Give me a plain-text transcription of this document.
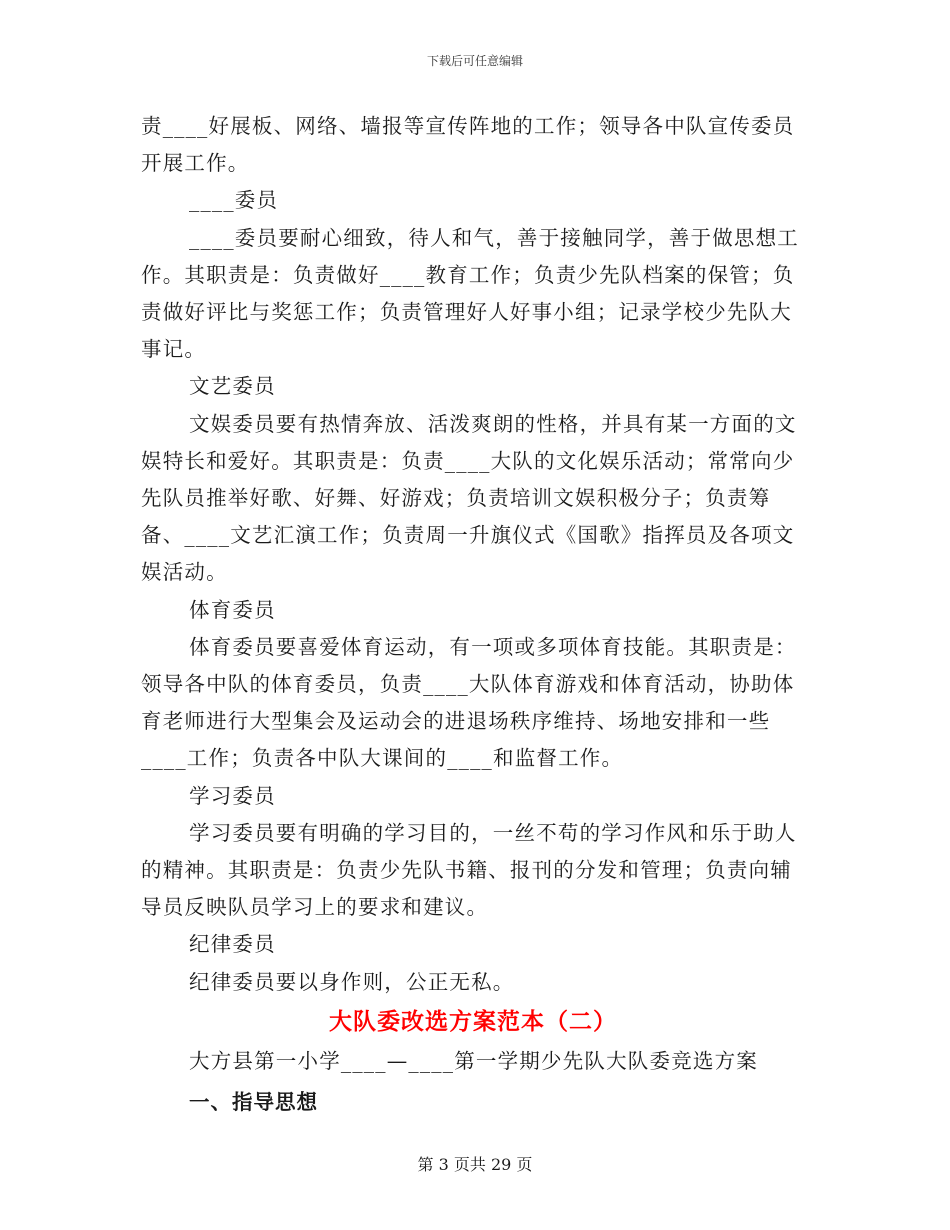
下载后可任意编辑

责____好展板、网络、墙报等宣传阵地的工作；领导各中队宣传委员开展工作。

____委员

____委员要耐心细致，待人和气，善于接触同学，善于做思想工作。其职责是：负责做好____教育工作；负责少先队档案的保管；负责做好评比与奖惩工作；负责管理好人好事小组；记录学校少先队大事记。

文艺委员

文娱委员要有热情奔放、活泼爽朗的性格，并具有某一方面的文娱特长和爱好。其职责是：负责____大队的文化娱乐活动；常常向少先队员推举好歌、好舞、好游戏；负责培训文娱积极分子；负责筹备、____文艺汇演工作；负责周一升旗仪式《国歌》指挥员及各项文娱活动。

体育委员

体育委员要喜爱体育运动，有一项或多项体育技能。其职责是：领导各中队的体育委员，负责____大队体育游戏和体育活动，协助体育老师进行大型集会及运动会的进退场秩序维持、场地安排和一些____工作；负责各中队大课间的____和监督工作。

学习委员

学习委员要有明确的学习目的，一丝不苟的学习作风和乐于助人的精神。其职责是：负责少先队书籍、报刊的分发和管理；负责向辅导员反映队员学习上的要求和建议。

纪律委员

纪律委员要以身作则，公正无私。

大队委改选方案范本（二）

大方县第一小学____—____第一学期少先队大队委竞选方案

一、指导思想

第 3 页共 29 页
